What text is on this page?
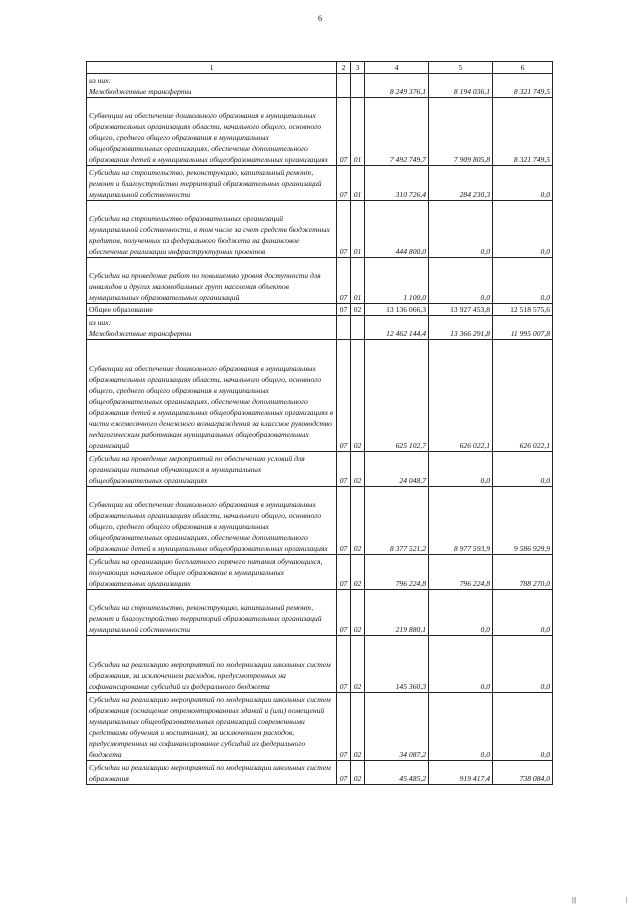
6
1	2	3	4	5	6
из них:
Межбюджетные трансферты			8 249 376,1	8 194 036,1	8 321 749,5
Субвенции на обеспечение дошкольного образования в муниципальных образовательных организациях области, начального общего, основного общего, среднего общего образования в муниципальных общеобразовательных организациях, обеспечение дополнительного образования детей в муниципальных общеобразовательных организациях	07	01	7 492 749,7	7 909 805,8	8 321 749,5
Субсидии на строительство, реконструкцию, капитальный ремонт, ремонт и благоустройство территорий образовательных организаций муниципальной собственности	07	01	310 726,4	284 230,3	0,0
Субсидии на строительство образовательных организаций муниципальной собственности, в том числе за счет средств бюджетных кредитов, полученных из федерального бюджета на финансовое обеспечение реализации инфраструктурных проектов	07	01	444 800,0	0,0	0,0
Субсидии на проведение работ по повышению уровня доступности для инвалидов и других маломобильных групп населения объектов муниципальных образовательных организаций	07	01	1 100,0	0,0	0,0
Общее образование	07	02	13 136 066,3	13 927 453,8	12 518 575,6
из них:
Межбюджетные трансферты			12 462 144,4	13 366 291,8	11 995 007,8
Субвенции на обеспечение дошкольного образования в муниципальных образовательных организациях области, начального общего, основного общего, среднего общего образования в муниципальных общеобразовательных организациях, обеспечение дополнительного образования детей в муниципальных общеобразовательных организациях в части ежемесячного денежного вознаграждения за классное руководство педагогическим работникам муниципальных общеобразовательных организаций	07	02	625 102,7	626 022,1	626 022,1
Субсидии на проведение мероприятий по обеспечению условий для организации питания обучающихся в муниципальных общеобразовательных организациях	07	02	24 048,7	0,0	0,0
Субвенции на обеспечение дошкольного образования в муниципальных образовательных организациях области, начального общего, основного общего, среднего общего образования в муниципальных общеобразовательных организациях, обеспечение дополнительного образование детей в муниципальных общеобразовательных организациях	07	02	8 377 521,2	8 977 593,9	9 586 929,9
Субсидии на организацию бесплатного горячего питания обучающихся, получающих начальное общее образование в муниципальных образовательных организациях	07	02	796 224,8	796 224,8	788 270,0
Субсидии на строительство, реконструкцию, капитальный ремонт, ремонт и благоустройство территорий образовательных организаций муниципальной собственности	07	02	219 880,1	0,0	0,0
Субсидии на реализацию мероприятий по модернизации школьных систем образования, за исключением расходов, предусмотренных на софинансирование субсидий из федерального бюджета	07	02	145 360,3	0,0	0,0
Субсидии на реализацию мероприятий по модернизации школьных систем образования (оснащение отремонтированных зданий и (или) помещений муниципальных общеобразовательных организаций современными средствами обучения и воспитания), за исключением расходов, предусмотренных на софинансирование субсидий из федерального бюджета	07	02	34 087,2	0,0	0,0
Субсидии на реализацию мероприятий по модернизации школьных систем образования	07	02	45 485,2	919 417,4	738 084,0
|||	|
